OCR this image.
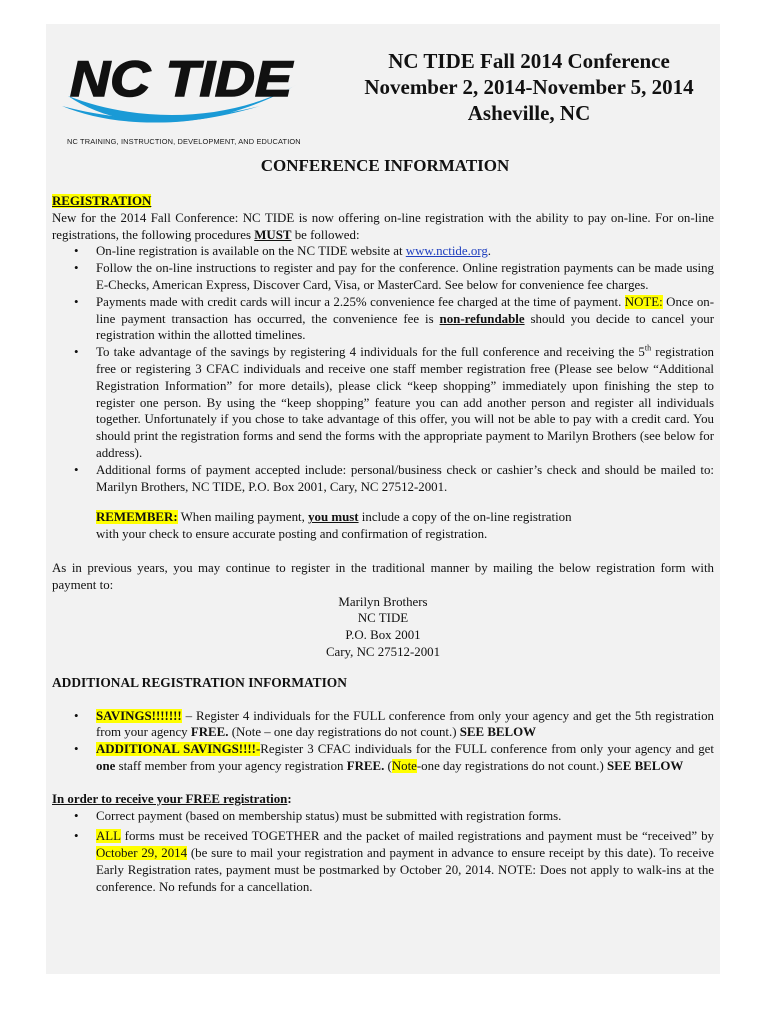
NC TIDE
NC TRAINING, INSTRUCTION, DEVELOPMENT, AND EDUCATION
NC TIDE Fall 2014 Conference
November 2, 2014-November 5, 2014
Asheville, NC
CONFERENCE INFORMATION

REGISTRATION

New for the 2014 Fall Conference: NC TIDE is now offering on-line registration with the ability to pay on-line. For on-line registrations, the following procedures MUST be followed:

• On-line registration is available on the NC TIDE website at www.nctide.org.
• Follow the on-line instructions to register and pay for the conference. Online registration payments can be made using E-Checks, American Express, Discover Card, Visa, or MasterCard. See below for convenience fee charges.
• Payments made with credit cards will incur a 2.25% convenience fee charged at the time of payment. NOTE: Once on-line payment transaction has occurred, the convenience fee is non-refundable should you decide to cancel your registration within the allotted timelines.
• To take advantage of the savings by registering 4 individuals for the full conference and receiving the 5th registration free or registering 3 CFAC individuals and receive one staff member registration free (Please see below “Additional Registration Information” for more details), please click “keep shopping” immediately upon finishing the step to register one person. By using the “keep shopping” feature you can add another person and register all individuals together. Unfortunately if you chose to take advantage of this offer, you will not be able to pay with a credit card. You should print the registration forms and send the forms with the appropriate payment to Marilyn Brothers (see below for address).
• Additional forms of payment accepted include: personal/business check or cashier’s check and should be mailed to: Marilyn Brothers, NC TIDE, P.O. Box 2001, Cary, NC 27512-2001.

REMEMBER: When mailing payment, you must include a copy of the on-line registration

with your check to ensure accurate posting and confirmation of registration.

As in previous years, you may continue to register in the traditional manner by mailing the below registration form with payment to:

Marilyn Brothers
NC TIDE
P.O. Box 2001
Cary, NC 27512-2001

ADDITIONAL REGISTRATION INFORMATION

• SAVINGS!!!!!!! – Register 4 individuals for the FULL conference from only your agency and get the 5th registration from your agency FREE. (Note – one day registrations do not count.) SEE BELOW
• ADDITIONAL SAVINGS!!!!-Register 3 CFAC individuals for the FULL conference from only your agency and get one staff member from your agency registration FREE. (Note-one day registrations do not count.) SEE BELOW

In order to receive your FREE registration:

• Correct payment (based on membership status) must be submitted with registration forms.
• ALL forms must be received TOGETHER and the packet of mailed registrations and payment must be “received” by October 29, 2014 (be sure to mail your registration and payment in advance to ensure receipt by this date). To receive Early Registration rates, payment must be postmarked by October 20, 2014. NOTE: Does not apply to walk-ins at the conference. No refunds for a cancellation.
